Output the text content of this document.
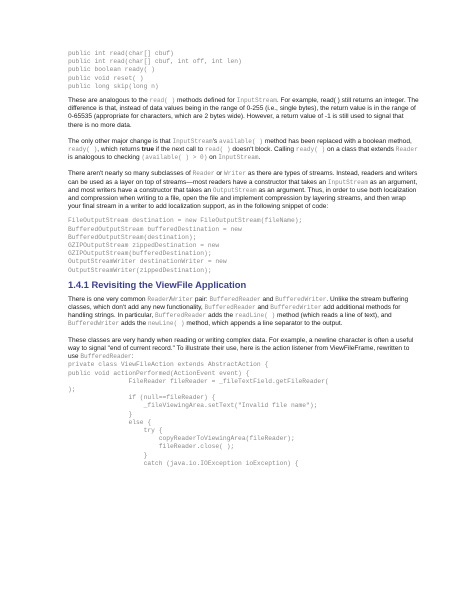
public int read(char[] cbuf)
public int read(char[] cbuf, int off, int len)
public boolean ready( )
public void reset( )
public long skip(long n)

These are analogous to the read( ) methods defined for InputStream. For example, read( ) still returns an integer. The difference is that, instead of data values being in the range of 0-255 (i.e., single bytes), the return value is in the range of 0-65535 (appropriate for characters, which are 2 bytes wide). However, a return value of -1 is still used to signal that there is no more data.

The only other major change is that InputStream's available( ) method has been replaced with a boolean method, ready( ), which returns true if the next call to read( ) doesn't block. Calling ready( ) on a class that extends Reader is analogous to checking (available( ) > 0) on InputStream.

There aren't nearly so many subclasses of Reader or Writer as there are types of streams. Instead, readers and writers can be used as a layer on top of streams—most readers have a constructor that takes an InputStream as an argument, and most writers have a constructor that takes an OutputStream as an argument. Thus, in order to use both localization and compression when writing to a file, open the file and implement compression by layering streams, and then wrap your final stream in a writer to add localization support, as in the following snippet of code:

FileOutputStream destination = new FileOutputStream(fileName);
BufferedOutputStream bufferedDestination = new
BufferedOutputStream(destination);
GZIPOutputStream zippedDestination = new
GZIPOutputStream(bufferedDestination);
OutputStreamWriter destinationWriter = new
OutputStreamWriter(zippedDestination);
1.4.1 Revisiting the ViewFile Application

There is one very common Reader/Writer pair: BufferedReader and BufferedWriter. Unlike the stream buffering classes, which don't add any new functionality, BufferedReader and BufferedWriter add additional methods for handling strings. In particular, BufferedReader adds the readLine( ) method (which reads a line of text), and BufferedWriter adds the newLine( ) method, which appends a line separator to the output.

These classes are very handy when reading or writing complex data. For example, a newline character is often a useful way to signal "end of current record." To illustrate their use, here is the action listener from ViewFileFrame, rewritten to use BufferedReader:

private class ViewFileAction extends AbstractAction {
public void actionPerformed(ActionEvent event) {
FileReader fileReader = _fileTextField.getFileReader(
);
if (null==fileReader) {
_fileViewingArea.setText("Invalid file name");
}
else {
try {
copyReaderToViewingArea(fileReader);
fileReader.close( );
}
catch (java.io.IOException ioException) {
